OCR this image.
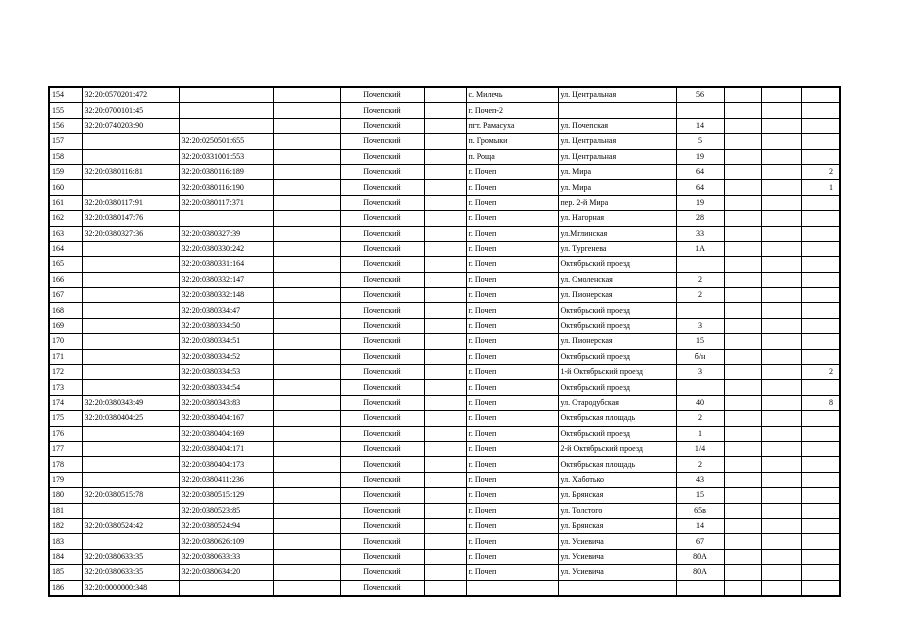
154	32:20:0570201:472			Почепский		с. Милечь	ул. Центральная	56			
155	32:20:0700101:45			Почепский		г. Почеп-2					
156	32:20:0740203:90			Почепский		пгт. Рамасуха	ул. Почепская	14			
157		32:20:0250501:655		Почепский		п. Громыки	ул. Центральная	5			
158		32:20:0331001:553		Почепский		п. Роща	ул. Центральная	19			
159	32:20:0380116:81	32:20:0380116:189		Почепский		г. Почеп	ул. Мира	64			2
160		32:20:0380116:190		Почепский		г. Почеп	ул. Мира	64			1
161	32:20:0380117:91	32:20:0380117:371		Почепский		г. Почеп	пер. 2-й Мира	19			
162	32:20:0380147:76			Почепский		г. Почеп	ул. Нагорная	28			
163	32:20:0380327:36	32:20:0380327:39		Почепский		г. Почеп	ул.Мглинская	33			
164		32:20:0380330:242		Почепский		г. Почеп	ул. Тургенева	1А			
165		32:20:0380331:164		Почепский		г. Почеп	Октябрьский проезд				
166		32:20:0380332:147		Почепский		г. Почеп	ул. Смоленская	2			
167		32:20:0380332:148		Почепский		г. Почеп	ул. Пионерская	2			
168		32:20:0380334:47		Почепский		г. Почеп	Октябрьский проезд				
169		32:20:0380334:50		Почепский		г. Почеп	Октябрьский проезд	3			
170		32:20:0380334:51		Почепский		г. Почеп	ул. Пионерская	15			
171		32:20:0380334:52		Почепский		г. Почеп	Октябрьский проезд	б/н			
172		32:20:0380334:53		Почепский		г. Почеп	1-й Октябрьский проезд	3			2
173		32:20:0380334:54		Почепский		г. Почеп	Октябрьский проезд				
174	32:20:0380343:49	32:20:0380343:83		Почепский		г. Почеп	ул. Стародубская	40			8
175	32:20:0380404:25	32:20:0380404:167		Почепский		г. Почеп	Октябрьская площадь	2			
176		32:20:0380404:169		Почепский		г. Почеп	Октябрьский проезд	1			
177		32:20:0380404:171		Почепский		г. Почеп	2-й Октябрьский проезд	1/4			
178		32:20:0380404:173		Почепский		г. Почеп	Октябрьская площадь	2			
179		32:20:0380411:236		Почепский		г. Почеп	ул. Хаботько	43			
180	32:20:0380515:78	32:20:0380515:129		Почепский		г. Почеп	ул. Брянская	15			
181		32:20:0380523:85		Почепский		г. Почеп	ул. Толстого	65в			
182	32:20:0380524:42	32:20:0380524:94		Почепский		г. Почеп	ул. Брянская	14			
183		32:20:0380626:109		Почепский		г. Почеп	ул. Усиевича	67			
184	32:20:0380633:35	32:20:0380633:33		Почепский		г. Почеп	ул. Усиевича	80А			
185	32:20:0380633:35	32:20:0380634:20		Почепский		г. Почеп	ул. Усиевича	80А			
186	32:20:0000000:348			Почепский							
